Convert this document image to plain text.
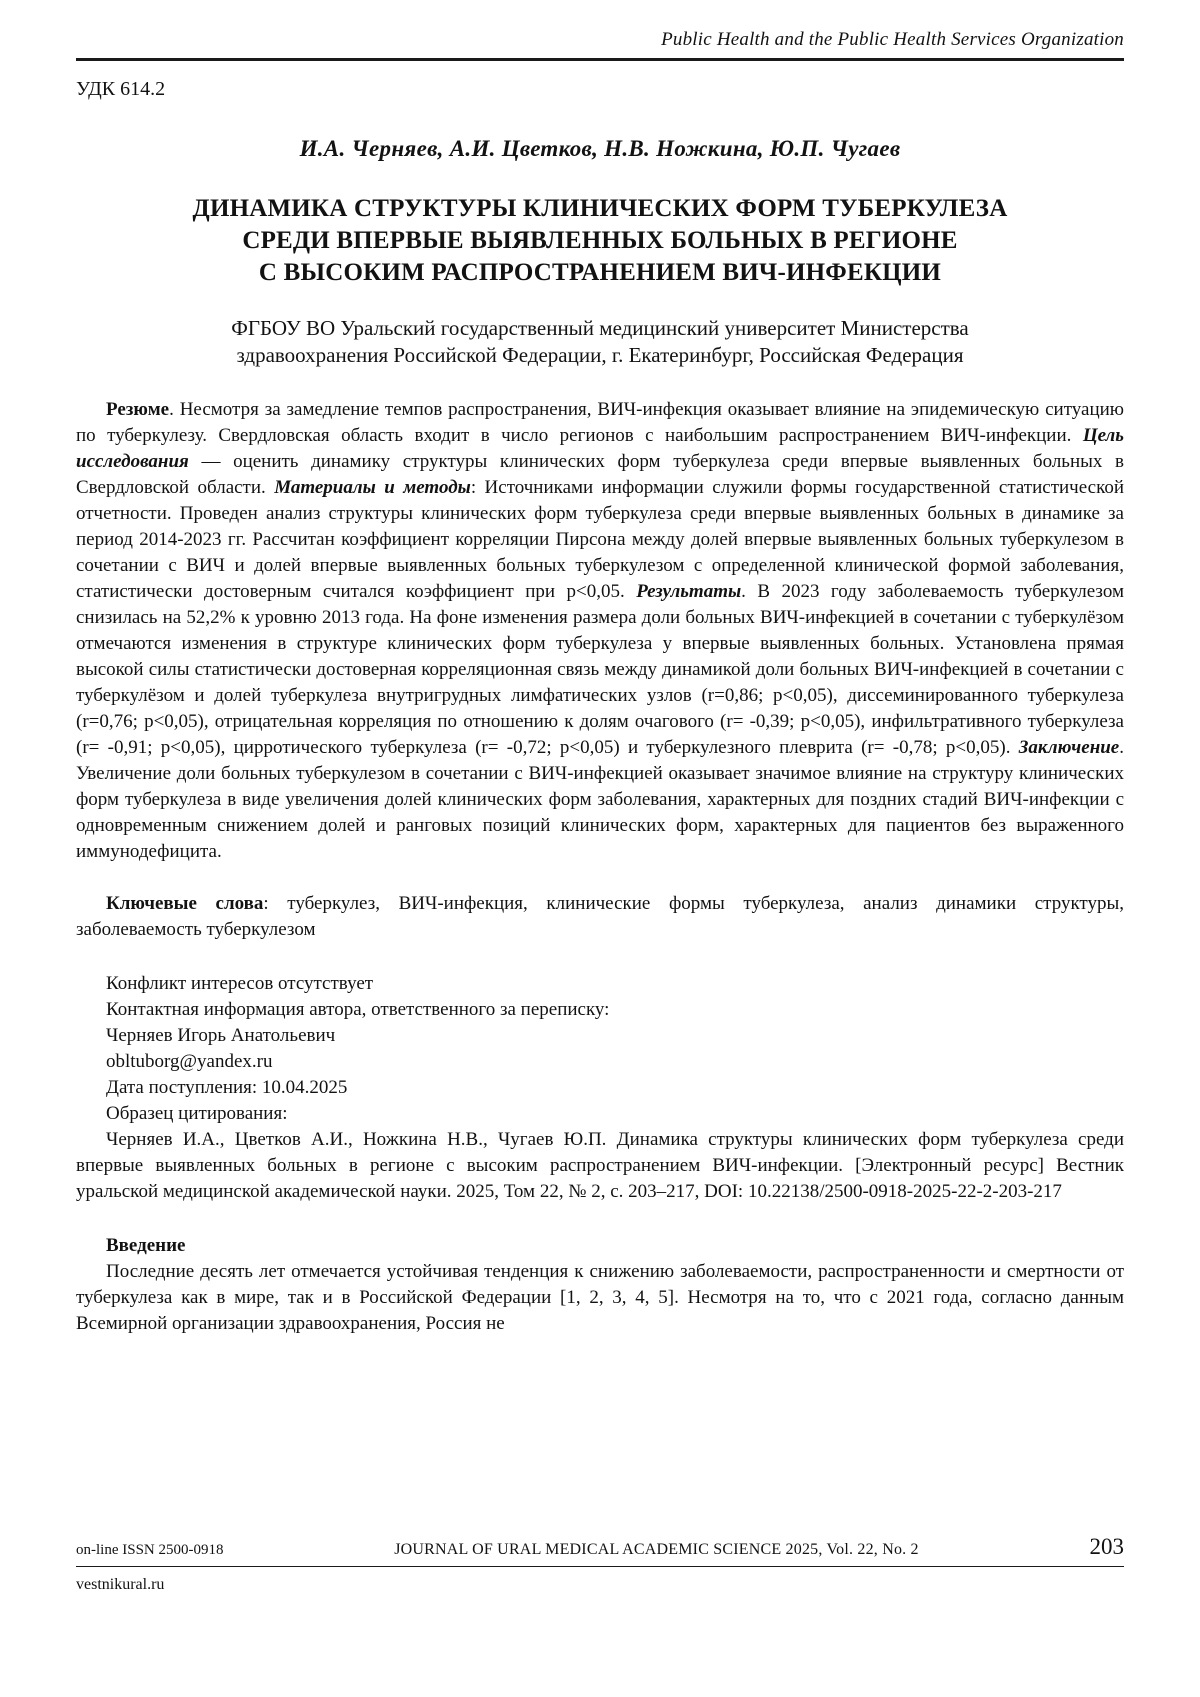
Public Health and the Public Health Services Organization
УДК 614.2
И.А. Черняев, А.И. Цветков, Н.В. Ножкина, Ю.П. Чугаев
ДИНАМИКА СТРУКТУРЫ КЛИНИЧЕСКИХ ФОРМ ТУБЕРКУЛЕЗА
СРЕДИ ВПЕРВЫЕ ВЫЯВЛЕННЫХ БОЛЬНЫХ В РЕГИОНЕ
С ВЫСОКИМ РАСПРОСТРАНЕНИЕМ ВИЧ-ИНФЕКЦИИ
ФГБОУ ВО Уральский государственный медицинский университет Министерства
здравоохранения Российской Федерации, г. Екатеринбург, Российская Федерация

Резюме. Несмотря за замедление темпов распространения, ВИЧ-инфекция оказывает влияние на эпидемическую ситуацию по туберкулезу. Свердловская область входит в число регионов с наибольшим распространением ВИЧ-инфекции. Цель исследования — оценить динамику структуры клинических форм туберкулеза среди впервые выявленных больных в Свердловской области. Материалы и методы: Источниками информации служили формы государственной статистической отчетности. Проведен анализ структуры клинических форм туберкулеза среди впервые выявленных больных в динамике за период 2014-2023 гг. Рассчитан коэффициент корреляции Пирсона между долей впервые выявленных больных туберкулезом в сочетании с ВИЧ и долей впервые выявленных больных туберкулезом с определенной клинической формой заболевания, статистически достоверным считался коэффициент при p<0,05. Результаты. В 2023 году заболеваемость туберкулезом снизилась на 52,2% к уровню 2013 года. На фоне изменения размера доли больных ВИЧ-инфекцией в сочетании с туберкулёзом отмечаются изменения в структуре клинических форм туберкулеза у впервые выявленных больных. Установлена прямая высокой силы статистически достоверная корреляционная связь между динамикой доли больных ВИЧ-инфекцией в сочетании с туберкулёзом и долей туберкулеза внутригрудных лимфатических узлов (r=0,86; p<0,05), диссеминированного туберкулеза (r=0,76; p<0,05), отрицательная корреляция по отношению к долям очагового (r= -0,39; p<0,05), инфильтративного туберкулеза (r= -0,91; p<0,05), цирротического туберкулеза (r= -0,72; p<0,05) и туберкулезного плеврита (r= -0,78; p<0,05). Заключение. Увеличение доли больных туберкулезом в сочетании с ВИЧ-инфекцией оказывает значимое влияние на структуру клинических форм туберкулеза в виде увеличения долей клинических форм заболевания, характерных для поздних стадий ВИЧ-инфекции с одновременным снижением долей и ранговых позиций клинических форм, характерных для пациентов без выраженного иммунодефицита.

Ключевые слова: туберкулез, ВИЧ-инфекция, клинические формы туберкулеза, анализ динамики структуры, заболеваемость туберкулезом

Конфликт интересов отсутствует
Контактная информация автора, ответственного за переписку:
Черняев Игорь Анатольевич
obltuborg@yandex.ru
Дата поступления: 10.04.2025
Образец цитирования:

Черняев И.А., Цветков А.И., Ножкина Н.В., Чугаев Ю.П. Динамика структуры клинических форм туберкулеза среди впервые выявленных больных в регионе с высоким распространением ВИЧ-инфекции. [Электронный ресурс] Вестник уральской медицинской академической науки. 2025, Том 22, № 2, с. 203–217, DOI: 10.22138/2500-0918-2025-22-2-203-217

Введение

Последние десять лет отмечается устойчивая тенденция к снижению заболеваемости, распространенности и смертности от туберкулеза как в мире, так и в Российской Федерации [1, 2, 3, 4, 5]. Несмотря на то, что с 2021 года, согласно данным Всемирной организации здравоохранения, Россия не

on-line ISSN 2500-0918	JOURNAL OF URAL MEDICAL ACADEMIC SCIENCE 2025, Vol. 22, No. 2	203
vestnikural.ru
